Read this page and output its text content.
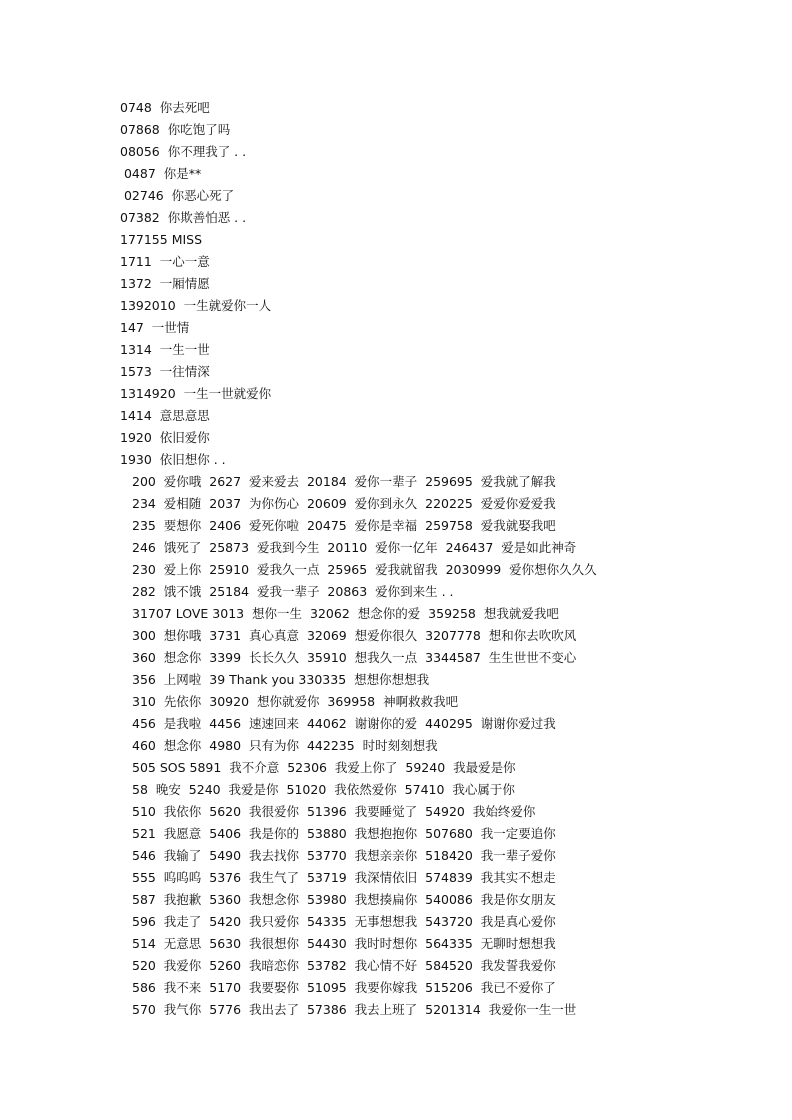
0748  你去死吧
07868  你吃饱了吗
08056  你不理我了 . .
0487  你是**
02746  你恶心死了
07382  你欺善怕恶 . .
177155 MISS
1711  一心一意
1372  一厢情愿
1392010  一生就爱你一人
147  一世情
1314  一生一世
1573  一往情深
1314920  一生一世就爱你
1414  意思意思
1920  依旧爱你
1930  依旧想你 . .
200  爱你哦  2627  爱来爱去  20184  爱你一辈子  259695  爱我就了解我
234  爱相随  2037  为你伤心  20609  爱你到永久  220225  爱爱你爱爱我
235  要想你  2406  爱死你啦  20475  爱你是幸福  259758  爱我就娶我吧
246  饿死了  25873  爱我到今生  20110  爱你一亿年  246437  爱是如此神奇
230  爱上你  25910  爱我久一点  25965  爱我就留我  2030999  爱你想你久久久
282  饿不饿  25184  爱我一辈子  20863  爱你到来生 . .
31707 LOVE 3013  想你一生  32062  想念你的爱  359258  想我就爱我吧
300  想你哦  3731  真心真意  32069  想爱你很久  3207778  想和你去吹吹风
360  想念你  3399  长长久久  35910  想我久一点  3344587  生生世世不变心
356  上网啦  39 Thank you 330335  想想你想想我
310  先依你  30920  想你就爱你  369958  神啊救救我吧
456  是我啦  4456  速速回来  44062  谢谢你的爱  440295  谢谢你爱过我
460  想念你  4980  只有为你  442235  时时刻刻想我
505 SOS 5891  我不介意  52306  我爱上你了  59240  我最爱是你
58  晚安  5240  我爱是你  51020  我依然爱你  57410  我心属于你
510  我依你  5620  我很爱你  51396  我要睡觉了  54920  我始终爱你
521  我愿意  5406  我是你的  53880  我想抱抱你  507680  我一定要追你
546  我输了  5490  我去找你  53770  我想亲亲你  518420  我一辈子爱你
555  呜呜呜  5376  我生气了  53719  我深情依旧  574839  我其实不想走
587  我抱歉  5360  我想念你  53980  我想揍扁你  540086  我是你女朋友
596  我走了  5420  我只爱你  54335  无事想想我  543720  我是真心爱你
514  无意思  5630  我很想你  54430  我时时想你  564335  无聊时想想我
520  我爱你  5260  我暗恋你  53782  我心情不好  584520  我发誓我爱你
586  我不来  5170  我要娶你  51095  我要你嫁我  515206  我已不爱你了
570  我气你  5776  我出去了  57386  我去上班了  5201314  我爱你一生一世
